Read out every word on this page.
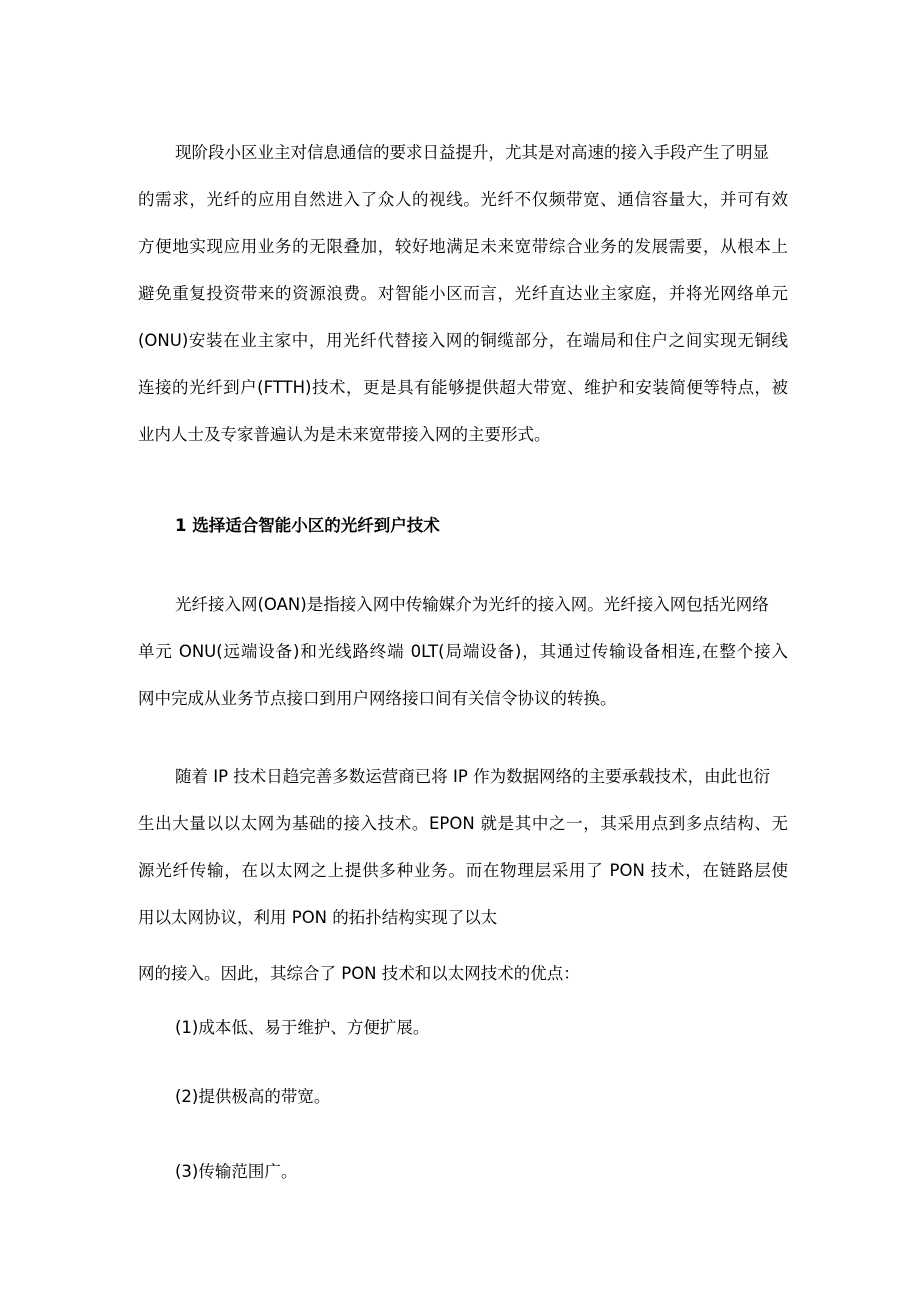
现阶段小区业主对信息通信的要求日益提升，尤其是对高速的接入手段产生了明显
的需求，光纤的应用自然进入了众人的视线。光纤不仅频带宽、通信容量大，并可有效
方便地实现应用业务的无限叠加，较好地满足未来宽带综合业务的发展需要，从根本上
避免重复投资带来的资源浪费。对智能小区而言，光纤直达业主家庭，并将光网络单元
(ONU)安装在业主家中，用光纤代替接入网的铜缆部分，在端局和住户之间实现无铜线
连接的光纤到户(FTTH)技术，更是具有能够提供超大带宽、维护和安装简便等特点，被
业内人士及专家普遍认为是未来宽带接入网的主要形式。
1 选择适合智能小区的光纤到户技术
光纤接入网(OAN)是指接入网中传输媒介为光纤的接入网。光纤接入网包括光网络
单元 ONU(远端设备)和光线路终端 0LT(局端设备)，其通过传输设备相连,在整个接入
网中完成从业务节点接口到用户网络接口间有关信令协议的转换。
随着 IP 技术日趋完善多数运营商已将 IP 作为数据网络的主要承载技术，由此也衍
生出大量以以太网为基础的接入技术。EPON 就是其中之一，其采用点到多点结构、无
源光纤传输，在以太网之上提供多种业务。而在物理层采用了 PON 技术，在链路层使
用以太网协议，利用 PON 的拓扑结构实现了以太
网的接入。因此，其综合了 PON 技术和以太网技术的优点：
(1)成本低、易于维护、方便扩展。
(2)提供极高的带宽。
(3)传输范围广。
